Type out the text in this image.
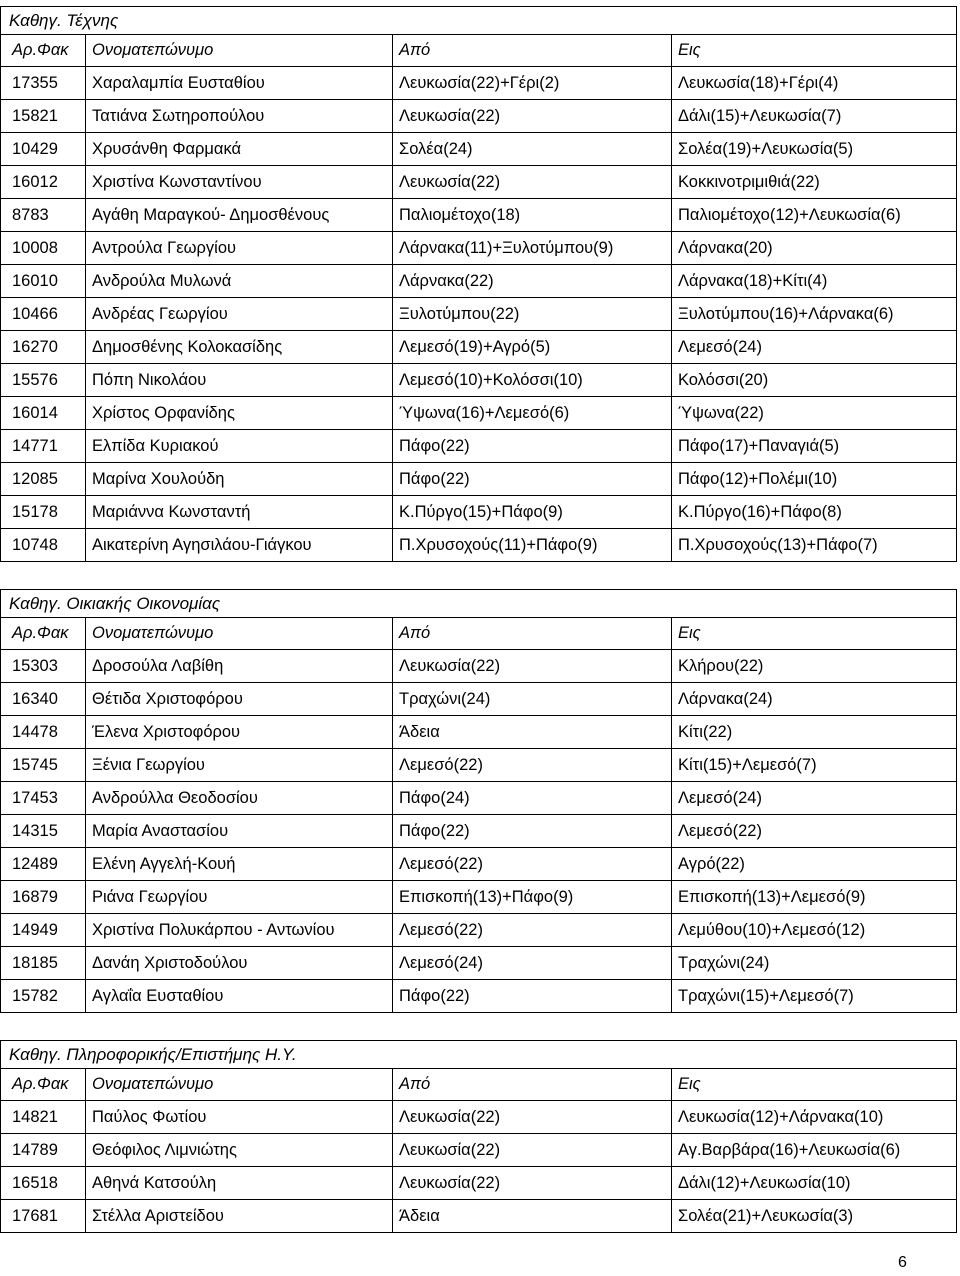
Καθηγ. Τέχνης
Αρ.Φακ Ονοματεπώνυμο	Από	Εις
17355 Χαραλαμπία Ευσταθίου	Λευκωσία(22)+Γέρι(2)	Λευκωσία(18)+Γέρι(4)
15821 Τατιάνα Σωτηροπούλου	Λευκωσία(22)	Δάλι(15)+Λευκωσία(7)
10429 Χρυσάνθη Φαρμακά	Σολέα(24)	Σολέα(19)+Λευκωσία(5)
16012 Χριστίνα Κωνσταντίνου	Λευκωσία(22)	Κοκκινοτριμιθιά(22)
8783	Αγάθη Μαραγκού- Δημοσθένους	Παλιομέτοχο(18)	Παλιομέτοχο(12)+Λευκωσία(6)
10008 Αντρούλα Γεωργίου	Λάρνακα(11)+Ξυλοτύμπου(9)	Λάρνακα(20)
16010 Ανδρούλα Μυλωνά	Λάρνακα(22)	Λάρνακα(18)+Κίτι(4)
10466 Ανδρέας Γεωργίου	Ξυλοτύμπου(22)	Ξυλοτύμπου(16)+Λάρνακα(6)
16270 Δημοσθένης Κολοκασίδης	Λεμεσό(19)+Αγρό(5)	Λεμεσό(24)
15576 Πόπη Νικολάου	Λεμεσό(10)+Κολόσσι(10)	Κολόσσι(20)
16014 Χρίστος Ορφανίδης	Ύψωνα(16)+Λεμεσό(6)	Ύψωνα(22)
14771 Ελπίδα Κυριακού	Πάφο(22)	Πάφο(17)+Παναγιά(5)
12085 Μαρίνα Χουλούδη	Πάφο(22)	Πάφο(12)+Πολέμι(10)
15178 Μαριάννα Κωνσταντή	Κ.Πύργο(15)+Πάφο(9)	Κ.Πύργο(16)+Πάφο(8)
10748 Αικατερίνη Αγησιλάου-Γιάγκου	Π.Χρυσοχούς(11)+Πάφο(9)	Π.Χρυσοχούς(13)+Πάφο(7)
Καθηγ. Οικιακής Οικονομίας
Αρ.Φακ Ονοματεπώνυμο	Από	Εις
15303 Δροσούλα Λαβίθη	Λευκωσία(22)	Κλήρου(22)
16340 Θέτιδα Χριστοφόρου	Τραχώνι(24)	Λάρνακα(24)
14478 Έλενα Χριστοφόρου	Άδεια	Κίτι(22)
15745 Ξένια Γεωργίου	Λεμεσό(22)	Κίτι(15)+Λεμεσό(7)
17453 Ανδρούλλα Θεοδοσίου	Πάφο(24)	Λεμεσό(24)
14315 Μαρία Αναστασίου	Πάφο(22)	Λεμεσό(22)
12489 Ελένη Αγγελή-Κουή	Λεμεσό(22)	Αγρό(22)
16879 Ριάνα Γεωργίου	Επισκοπή(13)+Πάφο(9)	Επισκοπή(13)+Λεμεσό(9)
14949 Χριστίνα Πολυκάρπου - Αντωνίου	Λεμεσό(22)	Λεμύθου(10)+Λεμεσό(12)
18185 Δανάη Χριστοδούλου	Λεμεσό(24)	Τραχώνι(24)
15782 Αγλαΐα Ευσταθίου	Πάφο(22)	Τραχώνι(15)+Λεμεσό(7)
Καθηγ. Πληροφορικής/Επιστήμης Η.Υ.
Αρ.Φακ Ονοματεπώνυμο	Από	Εις
14821 Παύλος Φωτίου	Λευκωσία(22)	Λευκωσία(12)+Λάρνακα(10)
14789 Θεόφιλος Λιμνιώτης	Λευκωσία(22)	Αγ.Βαρβάρα(16)+Λευκωσία(6)
16518 Αθηνά Κατσούλη	Λευκωσία(22)	Δάλι(12)+Λευκωσία(10)
17681 Στέλλα Αριστείδου	Άδεια	Σολέα(21)+Λευκωσία(3)
6
